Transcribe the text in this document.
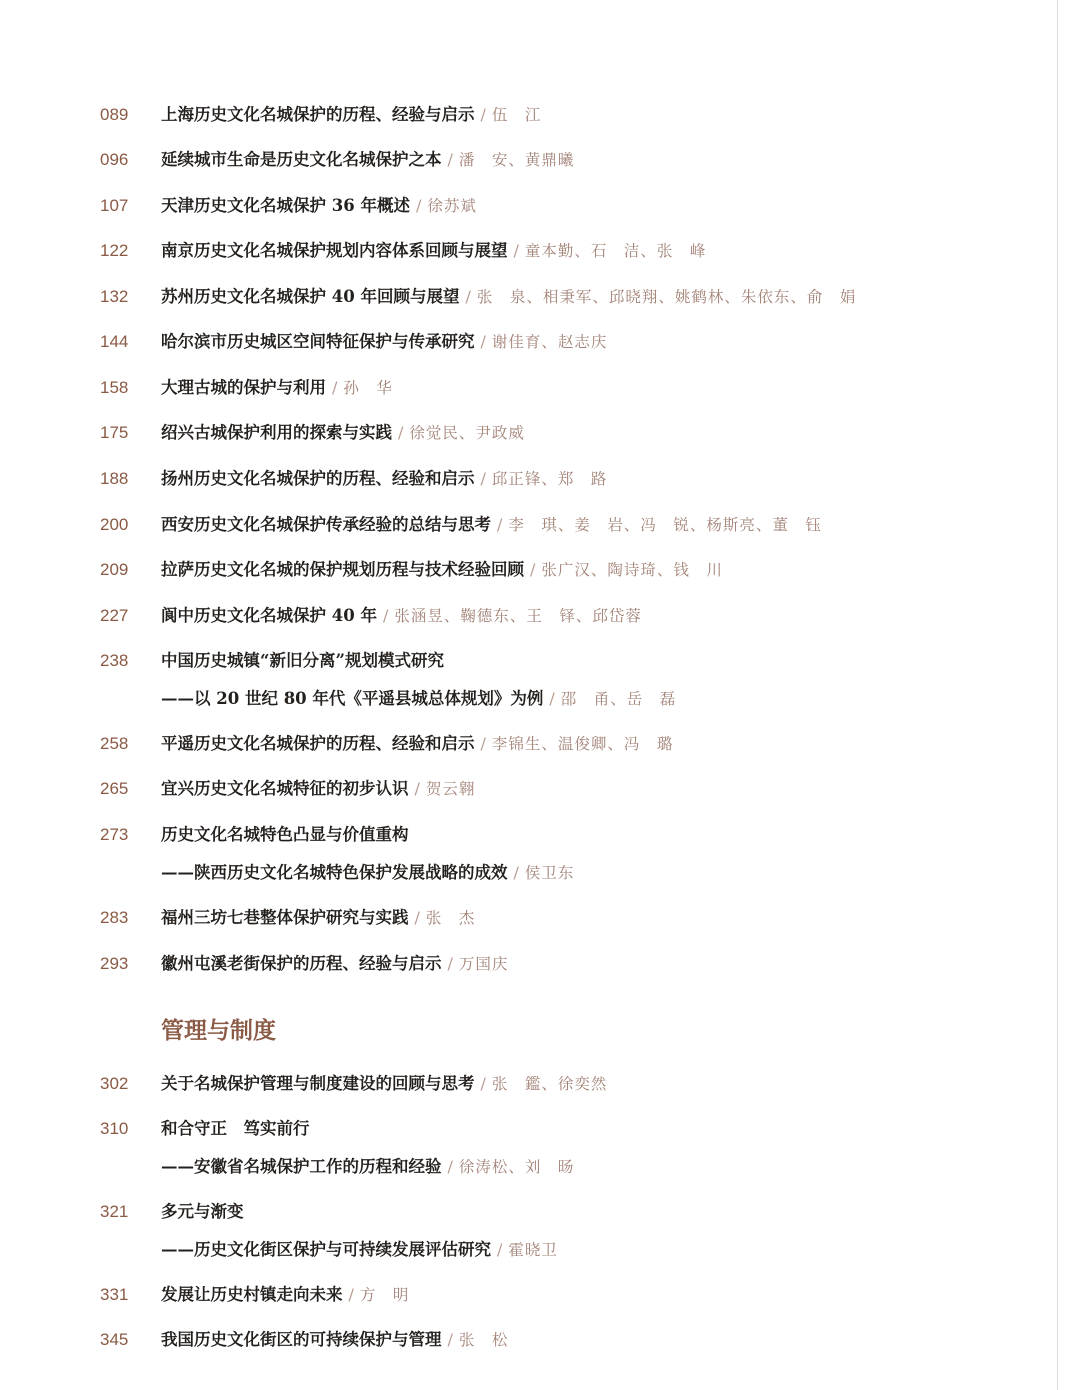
089	上海历史文化名城保护的历程、经验与启示 / 伍　江
096	延续城市生命是历史文化名城保护之本 / 潘　安、黄鼎曦
107	天津历史文化名城保护 36 年概述 / 徐苏斌
122	南京历史文化名城保护规划内容体系回顾与展望 / 童本勤、石　洁、张　峰
132	苏州历史文化名城保护 40 年回顾与展望 / 张　泉、相秉军、邱晓翔、姚鹤林、朱依东、俞　娟
144	哈尔滨市历史城区空间特征保护与传承研究 / 谢佳育、赵志庆
158	大理古城的保护与利用 / 孙　华
175	绍兴古城保护利用的探索与实践 / 徐觉民、尹政威
188	扬州历史文化名城保护的历程、经验和启示 / 邱正锋、郑　路
200	西安历史文化名城保护传承经验的总结与思考 / 李　琪、姜　岩、冯　锐、杨斯亮、董　钰
209	拉萨历史文化名城的保护规划历程与技术经验回顾 / 张广汉、陶诗琦、钱　川
227	阆中历史文化名城保护 40 年 / 张涵昱、鞠德东、王　铎、邱岱蓉
238	中国历史城镇“新旧分离”规划模式研究
——以 20 世纪 80 年代《平遥县城总体规划》为例 / 邵　甬、岳　磊
258	平遥历史文化名城保护的历程、经验和启示 / 李锦生、温俊卿、冯　璐
265	宜兴历史文化名城特征的初步认识 / 贺云翱
273	历史文化名城特色凸显与价值重构
——陕西历史文化名城特色保护发展战略的成效 / 侯卫东
283	福州三坊七巷整体保护研究与实践 / 张　杰
293	徽州屯溪老街保护的历程、经验与启示 / 万国庆
管理与制度
302	关于名城保护管理与制度建设的回顾与思考 / 张　鑑、徐奕然
310	和合守正　笃实前行
——安徽省名城保护工作的历程和经验 / 徐涛松、刘　旸
321	多元与渐变
——历史文化街区保护与可持续发展评估研究 / 霍晓卫
331	发展让历史村镇走向未来 / 方　明
345	我国历史文化街区的可持续保护与管理 / 张　松
